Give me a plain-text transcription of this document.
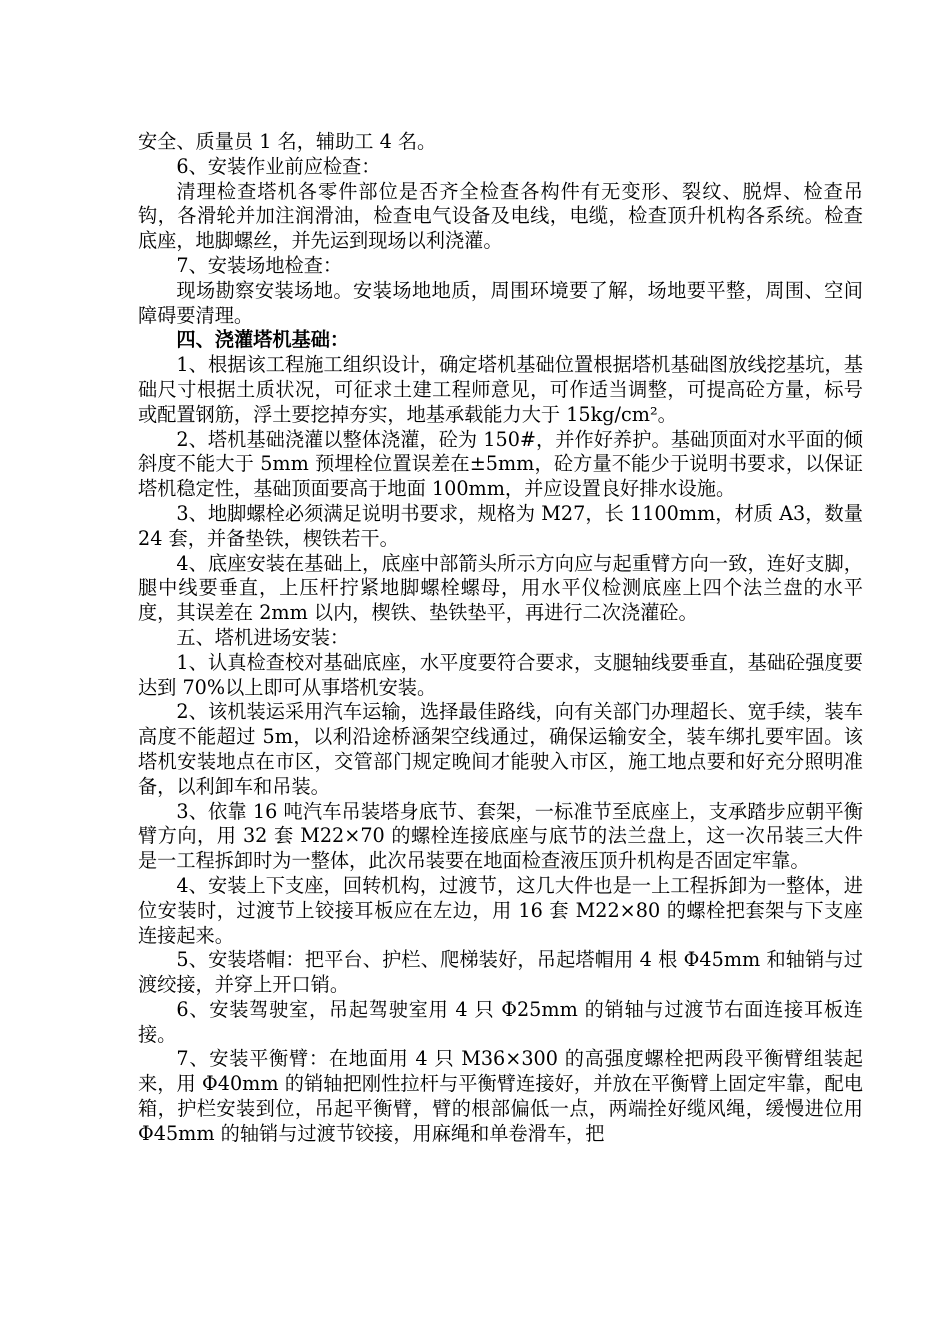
安全、质量员 1 名，辅助工 4 名。

6、安装作业前应检查：

清理检查塔机各零件部位是否齐全检查各构件有无变形、裂纹、脱焊、检查吊钩，各滑轮并加注润滑油，检查电气设备及电线，电缆，检查顶升机构各系统。检查底座，地脚螺丝，并先运到现场以利浇灌。

7、安装场地检查：

现场勘察安装场地。安装场地地质，周围环境要了解，场地要平整，周围、空间障碍要清理。

四、浇灌塔机基础：

1、根据该工程施工组织设计，确定塔机基础位置根据塔机基础图放线挖基坑，基础尺寸根据土质状况，可征求土建工程师意见，可作适当调整，可提高砼方量，标号或配置钢筋，浮土要挖掉夯实，地基承载能力大于 15kg/cm²。

2、塔机基础浇灌以整体浇灌，砼为 150#，并作好养护。基础顶面对水平面的倾斜度不能大于 5mm 预埋栓位置误差在±5mm，砼方量不能少于说明书要求，以保证塔机稳定性，基础顶面要高于地面 100mm，并应设置良好排水设施。

3、地脚螺栓必须满足说明书要求，规格为 M27，长 1100mm，材质 A3，数量 24 套，并备垫铁，楔铁若干。

4、底座安装在基础上，底座中部箭头所示方向应与起重臂方向一致，连好支脚，腿中线要垂直，上压杆拧紧地脚螺栓螺母，用水平仪检测底座上四个法兰盘的水平度，其误差在 2mm 以内，楔铁、垫铁垫平，再进行二次浇灌砼。

五、塔机进场安装：

1、认真检查校对基础底座，水平度要符合要求，支腿轴线要垂直，基础砼强度要达到 70%以上即可从事塔机安装。

2、该机装运采用汽车运输，选择最佳路线，向有关部门办理超长、宽手续，装车高度不能超过 5m，以利沿途桥涵架空线通过，确保运输安全，装车绑扎要牢固。该塔机安装地点在市区，交管部门规定晚间才能驶入市区，施工地点要和好充分照明准备，以利卸车和吊装。

3、依靠 16 吨汽车吊装塔身底节、套架，一标准节至底座上，支承踏步应朝平衡臂方向，用 32 套 M22×70 的螺栓连接底座与底节的法兰盘上，这一次吊装三大件是一工程拆卸时为一整体，此次吊装要在地面检查液压顶升机构是否固定牢靠。

4、安装上下支座，回转机构，过渡节，这几大件也是一上工程拆卸为一整体，进位安装时，过渡节上铰接耳板应在左边，用 16 套 M22×80 的螺栓把套架与下支座连接起来。

5、安装塔帽：把平台、护栏、爬梯装好，吊起塔帽用 4 根 Φ45mm 和轴销与过渡绞接，并穿上开口销。

6、安装驾驶室，吊起驾驶室用 4 只 Φ25mm 的销轴与过渡节右面连接耳板连接。

7、安装平衡臂：在地面用 4 只 M36×300 的高强度螺栓把两段平衡臂组装起来，用 Φ40mm 的销轴把刚性拉杆与平衡臂连接好，并放在平衡臂上固定牢靠，配电箱，护栏安装到位，吊起平衡臂，臂的根部偏低一点，两端拴好缆风绳，缓慢进位用 Φ45mm 的轴销与过渡节铰接，用麻绳和单卷滑车，把
